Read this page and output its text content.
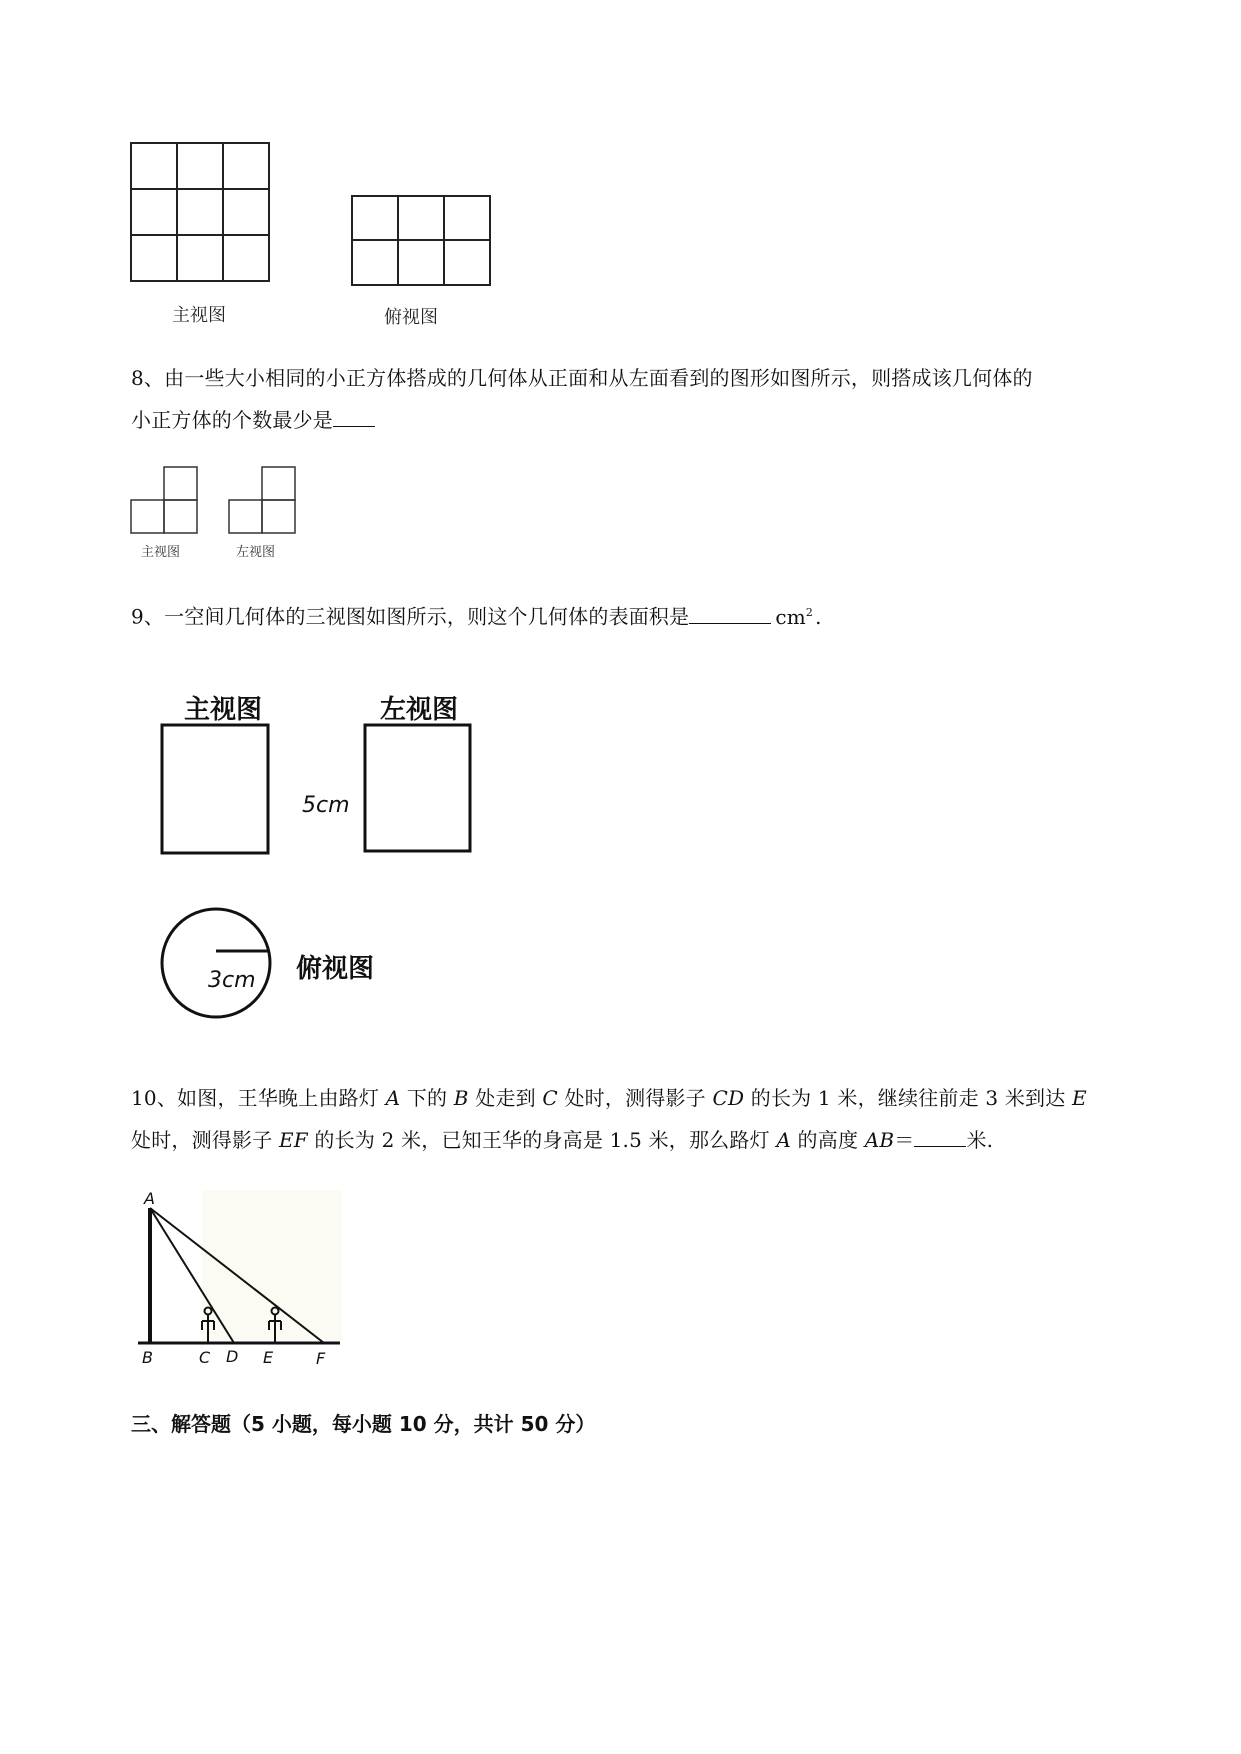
主视图	俯视图
8、由一些大小相同的小正方体搭成的几何体从正面和从左面看到的图形如图所示，则搭成该几何体的
小正方体的个数最少是
主视图	左视图
9、一空间几何体的三视图如图所示，则这个几何体的表面积是	$cm^2$ .
主视图	左视图
5cm
3cm 俯视图
10、如图，王华晚上由路灯 A 下的 B 处走到 C 处时，测得影子 CD 的长为 1 米，继续往前走 3 米到达 E
处时，测得影子 EF 的长为 2 米，已知王华的身高是 1.5 米，那么路灯 A 的高度 AB＝	米.
A
B	C D E	F
三、解答题（5 小题，每小题 10 分，共计 50 分）
